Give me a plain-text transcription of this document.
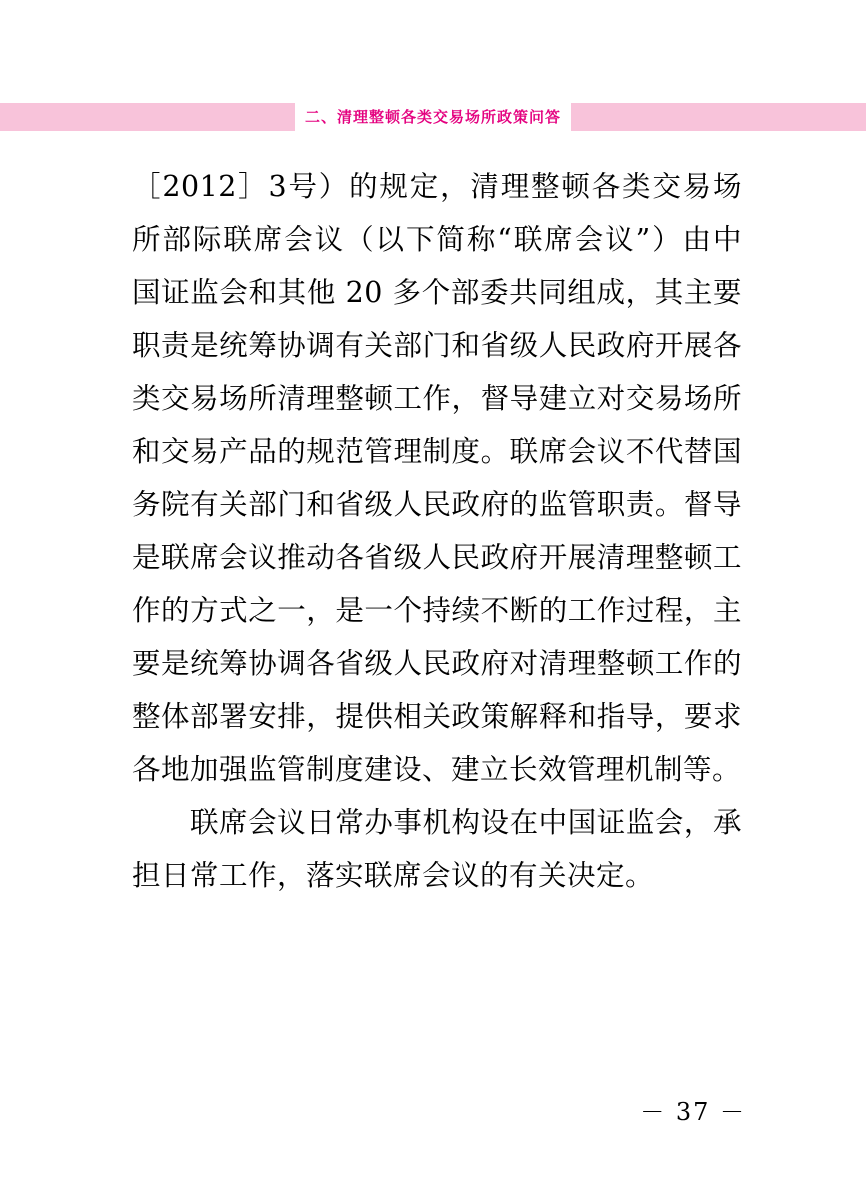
二、清理整顿各类交易场所政策问答

［2012］3号）的规定，清理整顿各类交易场所部际联席会议（以下简称“联席会议”）由中国证监会和其他 20 多个部委共同组成，其主要职责是统筹协调有关部门和省级人民政府开展各类交易场所清理整顿工作，督导建立对交易场所和交易产品的规范管理制度。联席会议不代替国务院有关部门和省级人民政府的监管职责。督导是联席会议推动各省级人民政府开展清理整顿工作的方式之一，是一个持续不断的工作过程，主要是统筹协调各省级人民政府对清理整顿工作的整体部署安排，提供相关政策解释和指导，要求各地加强监管制度建设、建立长效管理机制等。

联席会议日常办事机构设在中国证监会，承担日常工作，落实联席会议的有关决定。

－ 37 －
